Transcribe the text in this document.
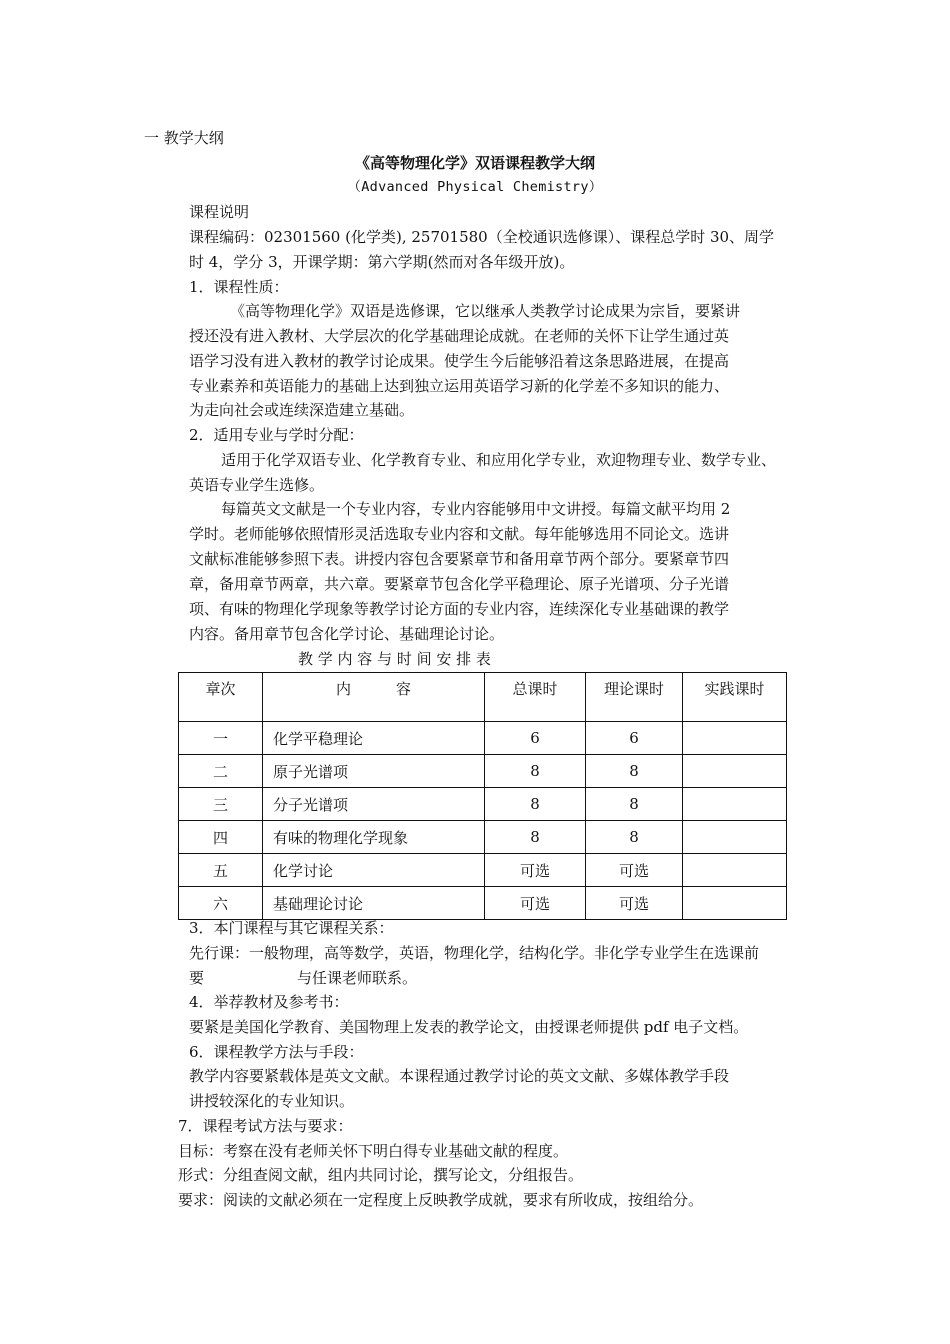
一 教学大纲
《高等物理化学》双语课程教学大纲
（Advanced Physical Chemistry）
课程说明
课程编码：02301560 (化学类), 25701580（全校通识选修课）、课程总学时 30、周学
时 4，学分 3，开课学期：第六学期(然而对各年级开放)。
1．课程性质：
《高等物理化学》双语是选修课，它以继承人类教学讨论成果为宗旨，要紧讲
授还没有进入教材、大学层次的化学基础理论成就。在老师的关怀下让学生通过英
语学习没有进入教材的教学讨论成果。使学生今后能够沿着这条思路进展，在提高
专业素养和英语能力的基础上达到独立运用英语学习新的化学差不多知识的能力、
为走向社会或连续深造建立基础。
2．适用专业与学时分配：
适用于化学双语专业、化学教育专业、和应用化学专业，欢迎物理专业、数学专业、
英语专业学生选修。
每篇英文文献是一个专业内容，专业内容能够用中文讲授。每篇文献平均用 2
学时。老师能够依照情形灵活选取专业内容和文献。每年能够选用不同论文。选讲
文献标准能够参照下表。讲授内容包含要紧章节和备用章节两个部分。要紧章节四
章，备用章节两章，共六章。要紧章节包含化学平稳理论、原子光谱项、分子光谱
项、有味的物理化学现象等教学讨论方面的专业内容，连续深化专业基础课的教学
内容。备用章节包含化学讨论、基础理论讨论。
教 学 内 容 与 时 间 安 排 表
章次	内　　　容	总课时	理论课时	实践课时
一	化学平稳理论	6	6	
二	原子光谱项	8	8	
三	分子光谱项	8	8	
四	有味的物理化学现象	8	8	
五	化学讨论	可选	可选	
六	基础理论讨论	可选	可选	
3．本门课程与其它课程关系：
先行课：一般物理，高等数学，英语，物理化学，结构化学。非化学专业学生在选课前
要	与任课老师联系。
4．举荐教材及参考书：
要紧是美国化学教育、美国物理上发表的教学论文，由授课老师提供 pdf 电子文档。
6．课程教学方法与手段：
教学内容要紧载体是英文文献。本课程通过教学讨论的英文文献、多媒体教学手段
讲授较深化的专业知识。
7．课程考试方法与要求：
目标：考察在没有老师关怀下明白得专业基础文献的程度。
形式：分组查阅文献，组内共同讨论，撰写论文，分组报告。
要求：阅读的文献必须在一定程度上反映教学成就，要求有所收成，按组给分。
